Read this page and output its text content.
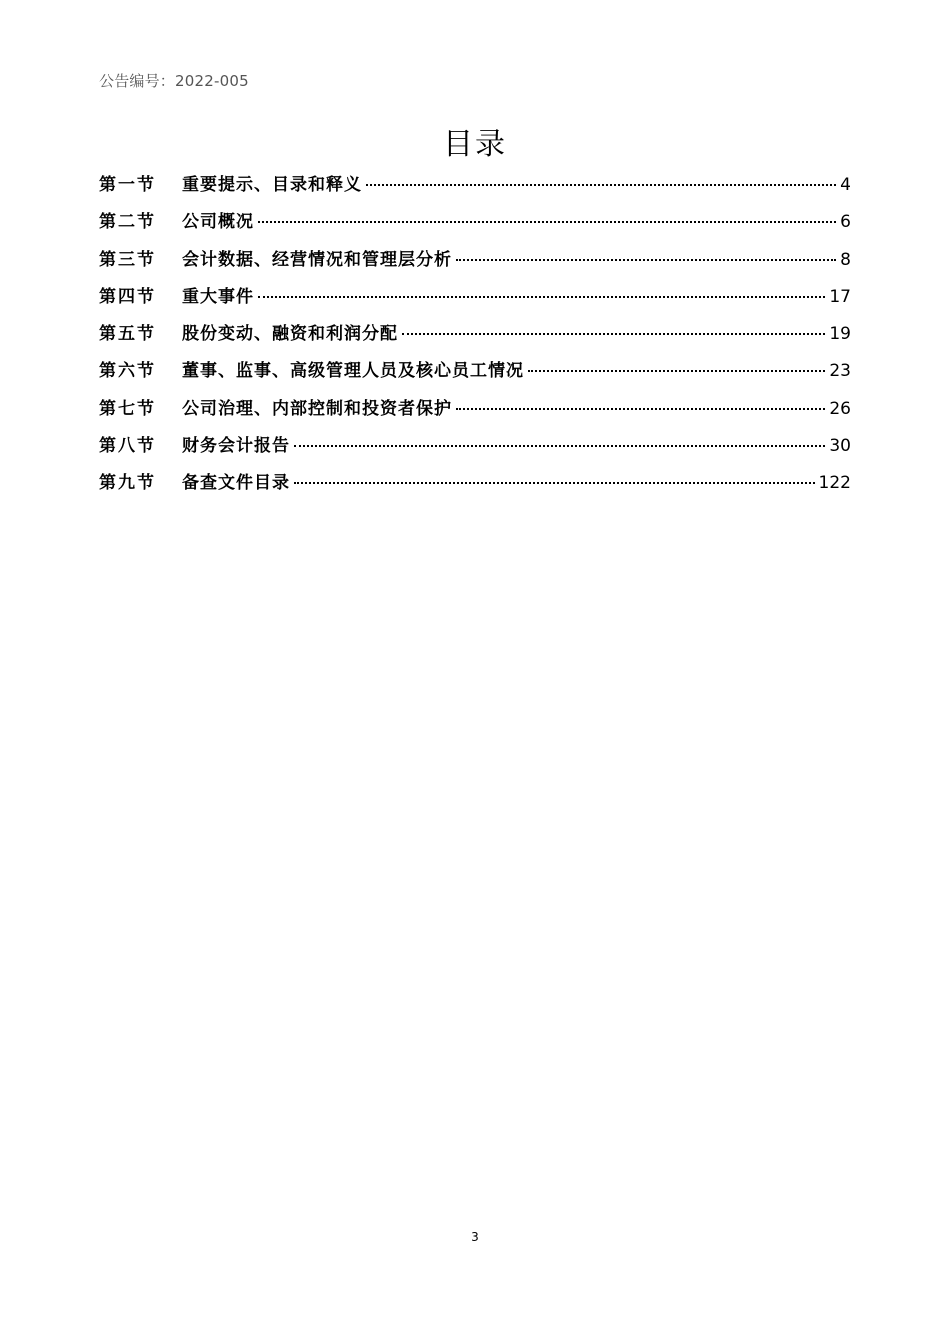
公告编号：2022-005
目录
第一节	重要提示、目录和释义	4
第二节	公司概况	6
第三节	会计数据、经营情况和管理层分析	8
第四节	重大事件	17
第五节	股份变动、融资和利润分配	19
第六节	董事、监事、高级管理人员及核心员工情况	23
第七节	公司治理、内部控制和投资者保护	26
第八节	财务会计报告	30
第九节	备查文件目录	122
3
